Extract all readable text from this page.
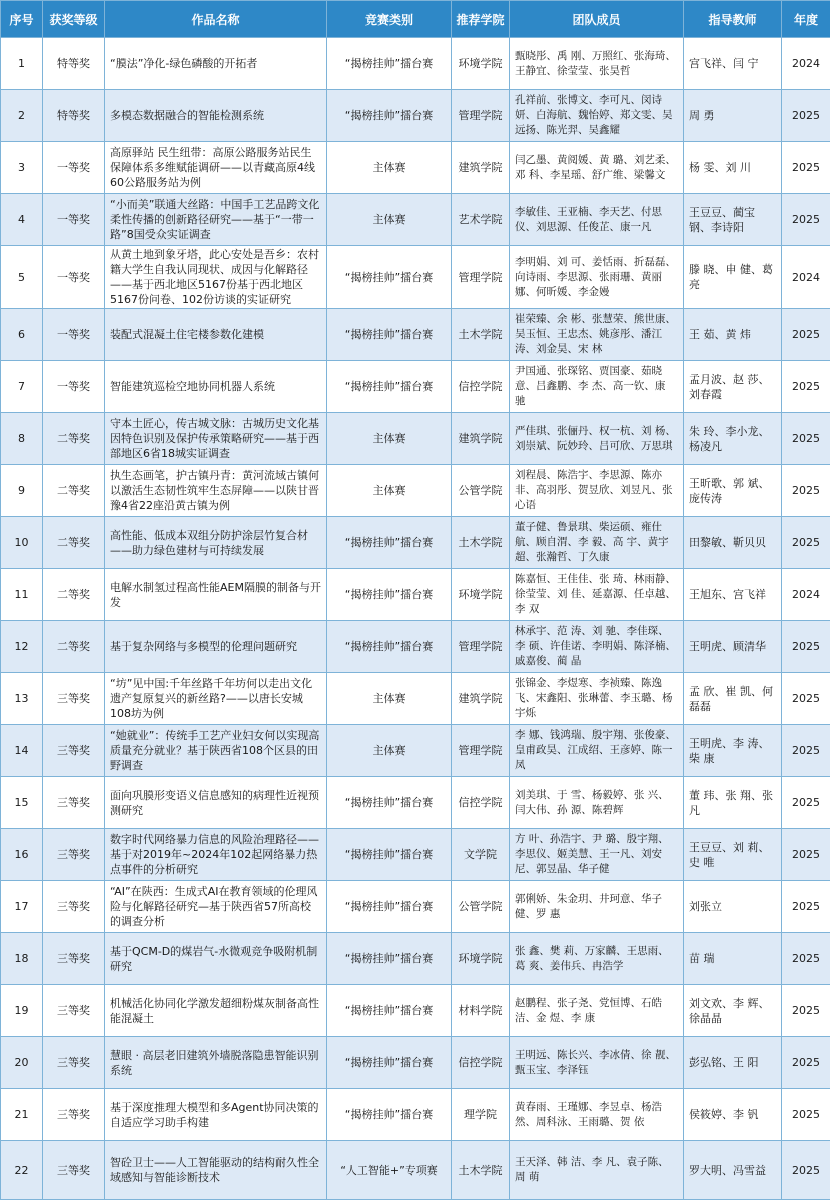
序号	获奖等级	作品名称	竞赛类别	推荐学院	团队成员	指导教师	年度
1	特等奖	“膜法”净化-绿色磷酸的开拓者	“揭榜挂帅”擂台赛	环境学院	甄晓彤、禹 刚、万照红、张海琦、王静宜、徐莹莹、张昊哲	宫飞祥、闫 宁	2024
2	特等奖	多模态数据融合的智能检测系统	“揭榜挂帅”擂台赛	管理学院	孔祥前、张博文、李可凡、闵诗妍、白海航、魏怡婷、郑文雯、吴远扬、陈光羿、吴鑫耀	周 勇	2025
3	一等奖	高原驿站 民生纽带：高原公路服务站民生保障体系多维赋能调研——以青藏高原4线60公路服务站为例	主体赛	建筑学院	闫乙墨、黄阅媛、黄 璐、刘艺柔、邓 科、李星瑶、舒广维、梁馨文	杨 雯、刘 川	2025
4	一等奖	“小而美”联通大丝路：中国手工艺品跨文化柔性传播的创新路径研究——基于“一带一路”8国受众实证调查	主体赛	艺术学院	李敏佳、王亚楠、李天艺、付思仪、刘思源、任俊芷、康一凡	王豆豆、蔺宝钢、李诗阳	2025
5	一等奖	从黄土地到象牙塔，此心安处是吾乡：农村籍大学生自我认同现状、成因与化解路径——基于西北地区5167份基于西北地区5167份问卷、102份访谈的实证研究	“揭榜挂帅”擂台赛	管理学院	李明娟、刘 可、姜恬雨、折磊磊、向诗雨、李思源、张雨珊、黄丽娜、何昕媛、李金嫚	滕 晓、申 健、葛 亮	2024
6	一等奖	装配式混凝土住宅楼参数化建模	“揭榜挂帅”擂台赛	土木学院	崔荣臻、余 彬、张慧荣、熊世康、吴玉恒、王忠杰、姚彦彤、潘江涛、刘金昊、宋 林	王 茹、黄 炜	2025
7	一等奖	智能建筑巡检空地协同机器人系统	“揭榜挂帅”擂台赛	信控学院	尹国通、张琛铭、贾国豪、茹晓意、吕鑫鹏、李 杰、高一钦、康 驰	孟月波、赵 莎、刘春霞	2025
8	二等奖	守本土匠心，传古城文脉：古城历史文化基因特色识别及保护传承策略研究——基于西部地区6省18城实证调查	主体赛	建筑学院	严佳琪、张俪丹、权一杭、刘 杨、刘崇斌、阮妙玲、吕可欣、万思琪	朱 玲、李小龙、杨凌凡	2025
9	二等奖	执生态画笔，护古镇丹青：黄河流域古镇何以激活生态韧性筑牢生态屏障——以陕甘晋豫4省22座沿黄古镇为例	主体赛	公管学院	刘程晨、陈浩宇、李思源、陈亦非、高羽彤、贺昱欣、刘昱凡、张心语	王昕歌、郭 斌、庞传涛	2025
10	二等奖	高性能、低成本双组分防护涂层竹复合材——助力绿色建材与可持续发展	“揭榜挂帅”擂台赛	土木学院	董子健、鲁景琪、柴运硕、雍仕航、顾自渭、李 毅、高 宇、黄宇超、张瀚哲、丁久康	田黎敏、靳贝贝	2025
11	二等奖	电解水制氢过程高性能AEM隔膜的制备与开发	“揭榜挂帅”擂台赛	环境学院	陈嘉恒、王佳佳、张 琦、林雨静、徐莹莹、刘 佳、延嘉源、任卓越、李 双	王旭东、宫飞祥	2024
12	二等奖	基于复杂网络与多模型的伦理问题研究	“揭榜挂帅”擂台赛	管理学院	林承宇、范 涛、刘 驰、李佳琛、李 硕、许佳诺、李明娟、陈泽楠、戚嘉俊、蔺 晶	王明虎、顾清华	2025
13	三等奖	“坊”见中国:千年丝路千年坊何以走出文化遗产复原复兴的新丝路?——以唐长安城108坊为例	主体赛	建筑学院	张锦金、李煜寒、李祯臻、陈逸飞、宋鑫阳、张琳蕾、李玉璐、杨宇烁	孟 欣、崔 凯、何磊磊	2025
14	三等奖	“她就业”：传统手工艺产业妇女何以实现高质量充分就业？基于陕西省108个区县的田野调查	主体赛	管理学院	李 娜、钱鸿瑞、殷宇翔、张俊豪、皇甫政昊、江成绍、王彦婷、陈一凤	王明虎、李 涛、柴 康	2025
15	三等奖	面向巩膜形变语义信息感知的病理性近视预测研究	“揭榜挂帅”擂台赛	信控学院	刘美琪、于 雪、杨毅婷、张 兴、闫大伟、孙 源、陈碧辉	董 玮、张 翔、张 凡	2025
16	三等奖	数字时代网络暴力信息的风险治理路径——基于对2019年~2024年102起网络暴力热点事件的分析研究	“揭榜挂帅”擂台赛	文学院	方 叶、孙浩宇、尹 璐、殷宇翔、李思仪、姬美慧、王一凡、刘安尼、郭昱晶、华子健	王豆豆、刘 莉、史 唯	2025
17	三等奖	“AI”在陕西：生成式AI在教育领域的伦理风险与化解路径研究—基于陕西省57所高校的调查分析	“揭榜挂帅”擂台赛	公管学院	郭俐娇、朱金玥、井珂意、华子健、罗 惠	刘张立	2025
18	三等奖	基于QCM-D的煤岩气-水微观竞争吸附机制研究	“揭榜挂帅”擂台赛	环境学院	张 鑫、樊 莉、万家麟、王思雨、葛 爽、姜伟兵、冉浩学	苗 瑞	2025
19	三等奖	机械活化协同化学激发超细粉煤灰制备高性能混凝土	“揭榜挂帅”擂台赛	材料学院	赵鹏程、张子尧、党恒博、石皓洁、金 煜、李 康	刘文欢、李 辉、徐晶晶	2025
20	三等奖	慧眼 · 高层老旧建筑外墙脱落隐患智能识别系统	“揭榜挂帅”擂台赛	信控学院	王明远、陈长兴、李冰倩、徐 靓、甄玉宝、李泽钰	彭弘铭、王 阳	2025
21	三等奖	基于深度推理大模型和多Agent协同决策的自适应学习助手构建	“揭榜挂帅”擂台赛	理学院	黄春雨、王瑾娜、李昱卓、杨浩然、周科泳、王雨璐、贺 依	侯筱婷、李 钒	2025
22	三等奖	智砼卫士——人工智能驱动的结构耐久性全域感知与智能诊断技术	“人工智能+”专项赛	土木学院	王天泽、韩 洁、李 凡、袁子陈、周 萌	罗大明、冯雪益	2025
